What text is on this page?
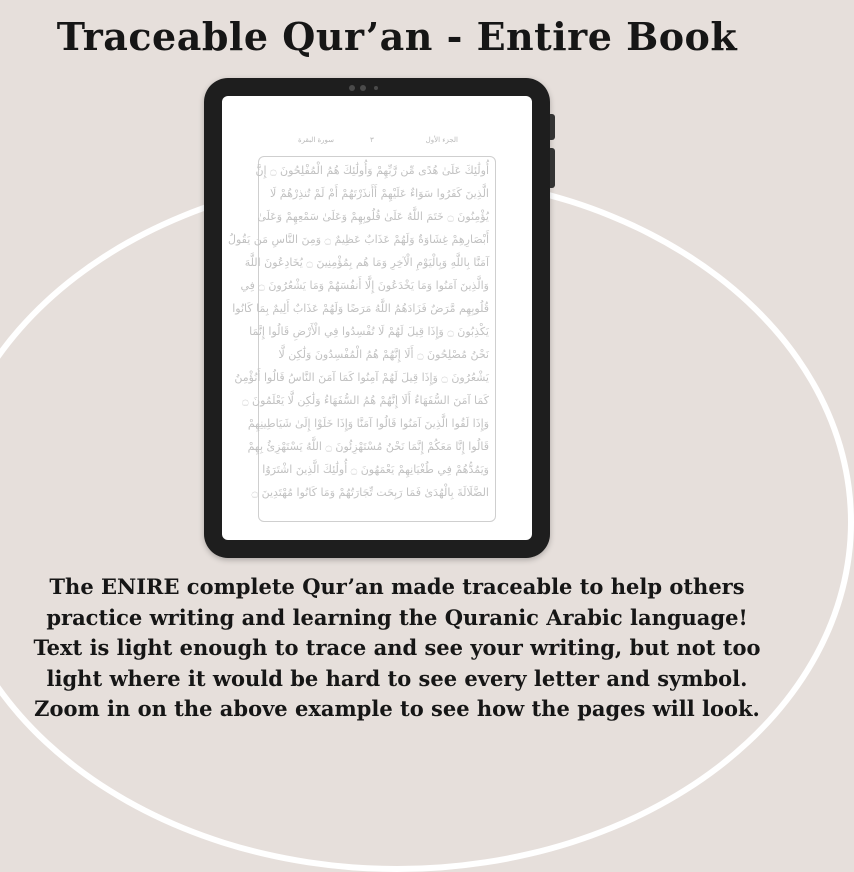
Traceable Qur’an - Entire Book
سورة البقرة	٣	الجزء الأول
أُولَٰئِكَ عَلَىٰ هُدًى مِّن رَّبِّهِمْ وَأُولَٰئِكَ هُمُ الْمُفْلِحُونَ ۝ إِنَّ
الَّذِينَ كَفَرُوا سَوَاءٌ عَلَيْهِمْ أَأَنذَرْتَهُمْ أَمْ لَمْ تُنذِرْهُمْ لَا
يُؤْمِنُونَ ۝ خَتَمَ اللَّهُ عَلَىٰ قُلُوبِهِمْ وَعَلَىٰ سَمْعِهِمْ وَعَلَىٰ
أَبْصَارِهِمْ غِشَاوَةٌ وَلَهُمْ عَذَابٌ عَظِيمٌ ۝ وَمِنَ النَّاسِ مَن يَقُولُ
آمَنَّا بِاللَّهِ وَبِالْيَوْمِ الْآخِرِ وَمَا هُم بِمُؤْمِنِينَ ۝ يُخَادِعُونَ اللَّهَ
وَالَّذِينَ آمَنُوا وَمَا يَخْدَعُونَ إِلَّا أَنفُسَهُمْ وَمَا يَشْعُرُونَ ۝ فِي
قُلُوبِهِم مَّرَضٌ فَزَادَهُمُ اللَّهُ مَرَضًا وَلَهُمْ عَذَابٌ أَلِيمٌ بِمَا كَانُوا
يَكْذِبُونَ ۝ وَإِذَا قِيلَ لَهُمْ لَا تُفْسِدُوا فِي الْأَرْضِ قَالُوا إِنَّمَا
نَحْنُ مُصْلِحُونَ ۝ أَلَا إِنَّهُمْ هُمُ الْمُفْسِدُونَ وَلَٰكِن لَّا
يَشْعُرُونَ ۝ وَإِذَا قِيلَ لَهُمْ آمِنُوا كَمَا آمَنَ النَّاسُ قَالُوا أَنُؤْمِنُ
كَمَا آمَنَ السُّفَهَاءُ أَلَا إِنَّهُمْ هُمُ السُّفَهَاءُ وَلَٰكِن لَّا يَعْلَمُونَ ۝
وَإِذَا لَقُوا الَّذِينَ آمَنُوا قَالُوا آمَنَّا وَإِذَا خَلَوْا إِلَىٰ شَيَاطِينِهِمْ
قَالُوا إِنَّا مَعَكُمْ إِنَّمَا نَحْنُ مُسْتَهْزِئُونَ ۝ اللَّهُ يَسْتَهْزِئُ بِهِمْ
وَيَمُدُّهُمْ فِي طُغْيَانِهِمْ يَعْمَهُونَ ۝ أُولَٰئِكَ الَّذِينَ اشْتَرَوُا
الضَّلَالَةَ بِالْهُدَىٰ فَمَا رَبِحَت تِّجَارَتُهُمْ وَمَا كَانُوا مُهْتَدِينَ ۝
The ENIRE complete Qur’an made traceable to help others
practice writing and learning the Quranic Arabic language!
Text is light enough to trace and see your writing, but not too
light where it would be hard to see every letter and symbol.
Zoom in on the above example to see how the pages will look.
